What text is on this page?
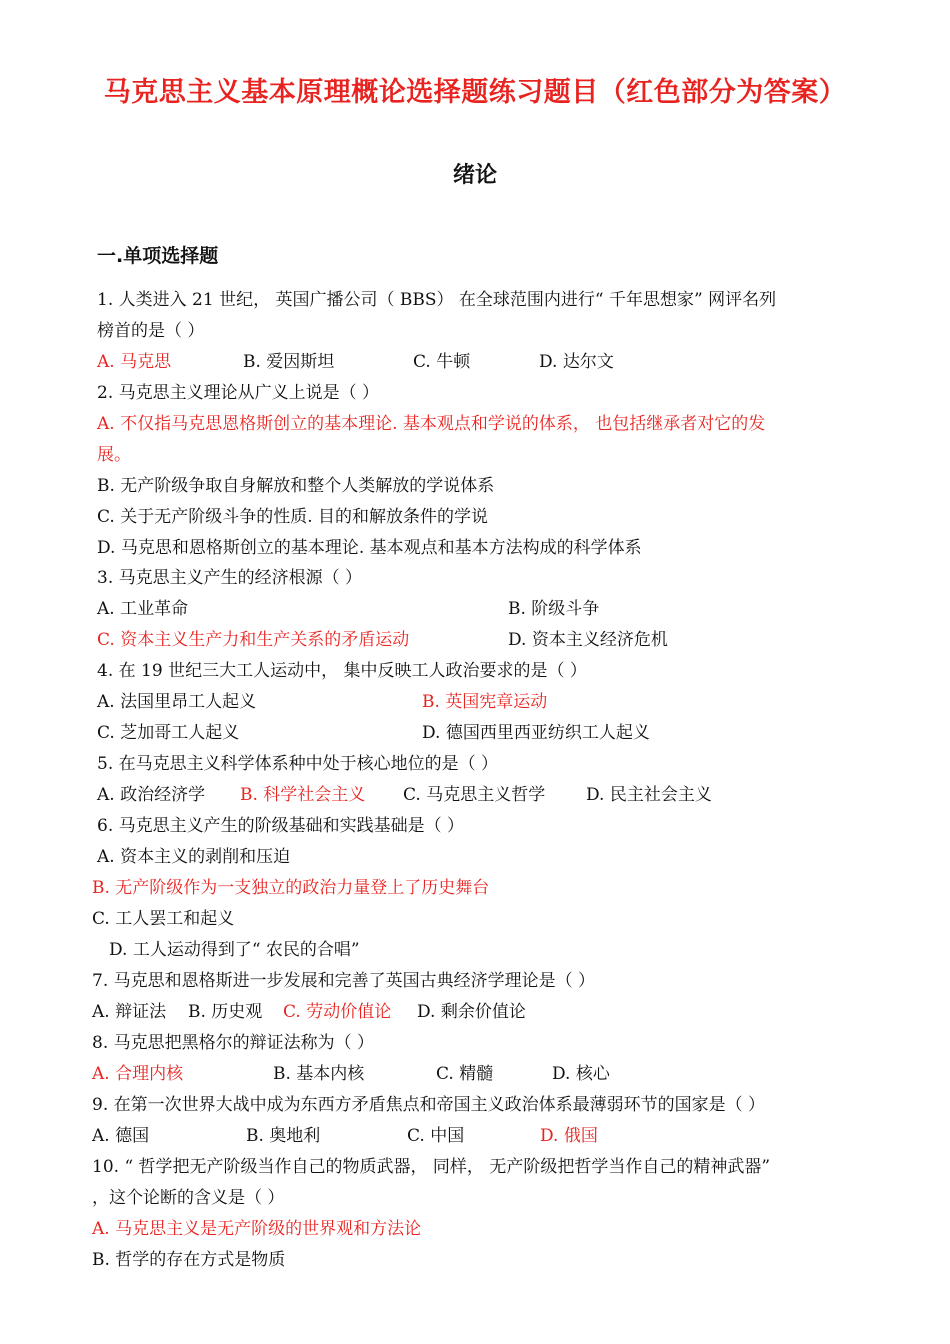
马克思主义基本原理概论选择题练习题目（红色部分为答案）
绪论
一.单项选择题
1. 人类进入 21 世纪， 英国广播公司（ BBS） 在全球范围内进行“ 千年思想家” 网评名列
榜首的是（ ）
A. 马克思	B. 爱因斯坦	C. 牛顿	D. 达尔文
2. 马克思主义理论从广义上说是（ ）
A. 不仅指马克思恩格斯创立的基本理论. 基本观点和学说的体系， 也包括继承者对它的发
展。
B. 无产阶级争取自身解放和整个人类解放的学说体系
C. 关于无产阶级斗争的性质. 目的和解放条件的学说
D. 马克思和恩格斯创立的基本理论. 基本观点和基本方法构成的科学体系
3. 马克思主义产生的经济根源（ ）
A. 工业革命	B. 阶级斗争
C. 资本主义生产力和生产关系的矛盾运动	D. 资本主义经济危机
4. 在 19 世纪三大工人运动中， 集中反映工人政治要求的是（ ）
A. 法国里昂工人起义	B. 英国宪章运动
C. 芝加哥工人起义	D. 德国西里西亚纺织工人起义
5. 在马克思主义科学体系种中处于核心地位的是（ ）
A. 政治经济学 B. 科学社会主义 C. 马克思主义哲学 D. 民主社会主义
6. 马克思主义产生的阶级基础和实践基础是（ ）
A. 资本主义的剥削和压迫
B. 无产阶级作为一支独立的政治力量登上了历史舞台
C. 工人罢工和起义
D. 工人运动得到了“ 农民的合唱”
7. 马克思和恩格斯进一步发展和完善了英国古典经济学理论是（ ）
A. 辩证法 B. 历史观 C. 劳动价值论 D. 剩余价值论
8. 马克思把黑格尔的辩证法称为（ ）
A. 合理内核	B. 基本内核	C. 精髓	D. 核心
9. 在第一次世界大战中成为东西方矛盾焦点和帝国主义政治体系最薄弱环节的国家是（ ）
A. 德国	B. 奥地利	C. 中国	D. 俄国
10. “ 哲学把无产阶级当作自己的物质武器， 同样， 无产阶级把哲学当作自己的精神武器”
，这个论断的含义是（ ）
A. 马克思主义是无产阶级的世界观和方法论
B. 哲学的存在方式是物质
